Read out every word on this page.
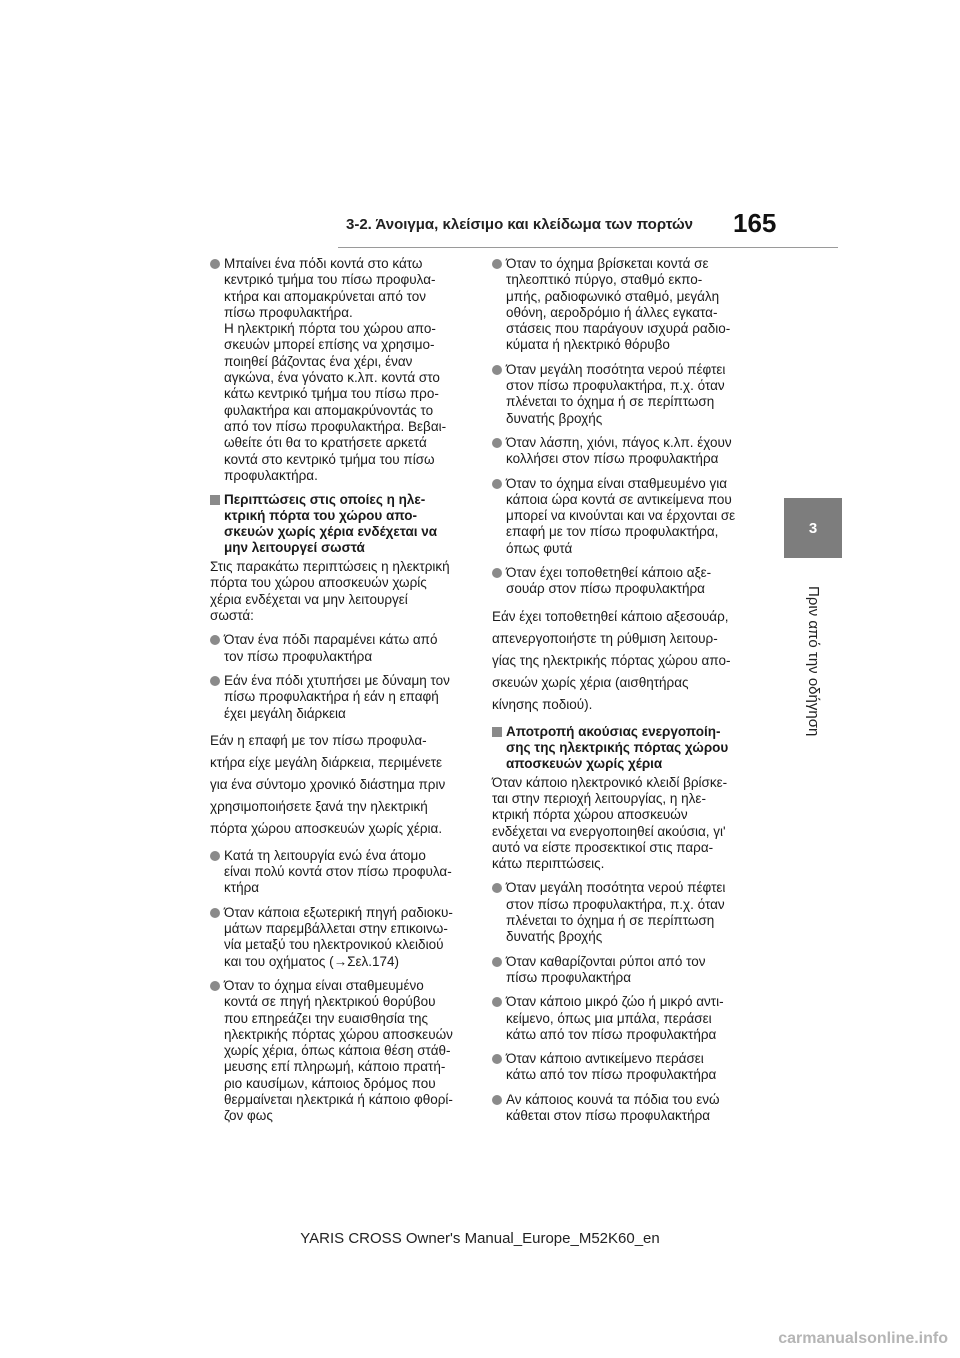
3-2. Άνοιγμα, κλείσιμο και κλείδωμα των πορτών	165
3
Πριν από την οδήγηση
Μπαίνει ένα πόδι κοντά στο κάτω
κεντρικό τμήμα του πίσω προφυλα-
κτήρα και απομακρύνεται από τον
πίσω προφυλακτήρα.
Η ηλεκτρική πόρτα του χώρου απο-
σκευών μπορεί επίσης να χρησιμο-
ποιηθεί βάζοντας ένα χέρι, έναν
αγκώνα, ένα γόνατο κ.λπ. κοντά στο
κάτω κεντρικό τμήμα του πίσω προ-
φυλακτήρα και απομακρύνοντάς το
από τον πίσω προφυλακτήρα. Βεβαι-
ωθείτε ότι θα το κρατήσετε αρκετά
κοντά στο κεντρικό τμήμα του πίσω
προφυλακτήρα.
Περιπτώσεις στις οποίες η ηλε-
κτρική πόρτα του χώρου απο-
σκευών χωρίς χέρια ενδέχεται να
μην λειτουργεί σωστά
Στις παρακάτω περιπτώσεις η ηλεκτρική
πόρτα του χώρου αποσκευών χωρίς
χέρια ενδέχεται να μην λειτουργεί
σωστά:
Όταν ένα πόδι παραμένει κάτω από
τον πίσω προφυλακτήρα
Εάν ένα πόδι χτυπήσει με δύναμη τον
πίσω προφυλακτήρα ή εάν η επαφή
έχει μεγάλη διάρκεια
Εάν η επαφή με τον πίσω προφυλα-
κτήρα είχε μεγάλη διάρκεια, περιμένετε
για ένα σύντομο χρονικό διάστημα πριν
χρησιμοποιήσετε ξανά την ηλεκτρική
πόρτα χώρου αποσκευών χωρίς χέρια.
Κατά τη λειτουργία ενώ ένα άτομο
είναι πολύ κοντά στον πίσω προφυλα-
κτήρα
Όταν κάποια εξωτερική πηγή ραδιοκυ-
μάτων παρεμβάλλεται στην επικοινω-
νία μεταξύ του ηλεκτρονικού κλειδιού
και του οχήματος (→Σελ.174)
Όταν το όχημα είναι σταθμευμένο
κοντά σε πηγή ηλεκτρικού θορύβου
που επηρεάζει την ευαισθησία της
ηλεκτρικής πόρτας χώρου αποσκευών
χωρίς χέρια, όπως κάποια θέση στάθ-
μευσης επί πληρωμή, κάποιο πρατή-
ριο καυσίμων, κάποιος δρόμος που
θερμαίνεται ηλεκτρικά ή κάποιο φθορί-
ζον φως
Όταν το όχημα βρίσκεται κοντά σε
τηλεοπτικό πύργο, σταθμό εκπο-
μπής, ραδιοφωνικό σταθμό, μεγάλη
οθόνη, αεροδρόμιο ή άλλες εγκατα-
στάσεις που παράγουν ισχυρά ραδιο-
κύματα ή ηλεκτρικό θόρυβο
Όταν μεγάλη ποσότητα νερού πέφτει
στον πίσω προφυλακτήρα, π.χ. όταν
πλένεται το όχημα ή σε περίπτωση
δυνατής βροχής
Όταν λάσπη, χιόνι, πάγος κ.λπ. έχουν
κολλήσει στον πίσω προφυλακτήρα
Όταν το όχημα είναι σταθμευμένο για
κάποια ώρα κοντά σε αντικείμενα που
μπορεί να κινούνται και να έρχονται σε
επαφή με τον πίσω προφυλακτήρα,
όπως φυτά
Όταν έχει τοποθετηθεί κάποιο αξε-
σουάρ στον πίσω προφυλακτήρα
Εάν έχει τοποθετηθεί κάποιο αξεσουάρ,
απενεργοποιήστε τη ρύθμιση λειτουρ-
γίας της ηλεκτρικής πόρτας χώρου απο-
σκευών χωρίς χέρια (αισθητήρας
κίνησης ποδιού).
Αποτροπή ακούσιας ενεργοποίη-
σης της ηλεκτρικής πόρτας χώρου
αποσκευών χωρίς χέρια
Όταν κάποιο ηλεκτρονικό κλειδί βρίσκε-
ται στην περιοχή λειτουργίας, η ηλε-
κτρική πόρτα χώρου αποσκευών
ενδέχεται να ενεργοποιηθεί ακούσια, γι'
αυτό να είστε προσεκτικοί στις παρα-
κάτω περιπτώσεις.
Όταν μεγάλη ποσότητα νερού πέφτει
στον πίσω προφυλακτήρα, π.χ. όταν
πλένεται το όχημα ή σε περίπτωση
δυνατής βροχής
Όταν καθαρίζονται ρύποι από τον
πίσω προφυλακτήρα
Όταν κάποιο μικρό ζώο ή μικρό αντι-
κείμενο, όπως μια μπάλα, περάσει
κάτω από τον πίσω προφυλακτήρα
Όταν κάποιο αντικείμενο περάσει
κάτω από τον πίσω προφυλακτήρα
Αν κάποιος κουνά τα πόδια του ενώ
κάθεται στον πίσω προφυλακτήρα
YARIS CROSS Owner's Manual_Europe_M52K60_en
carmanualsonline.info
